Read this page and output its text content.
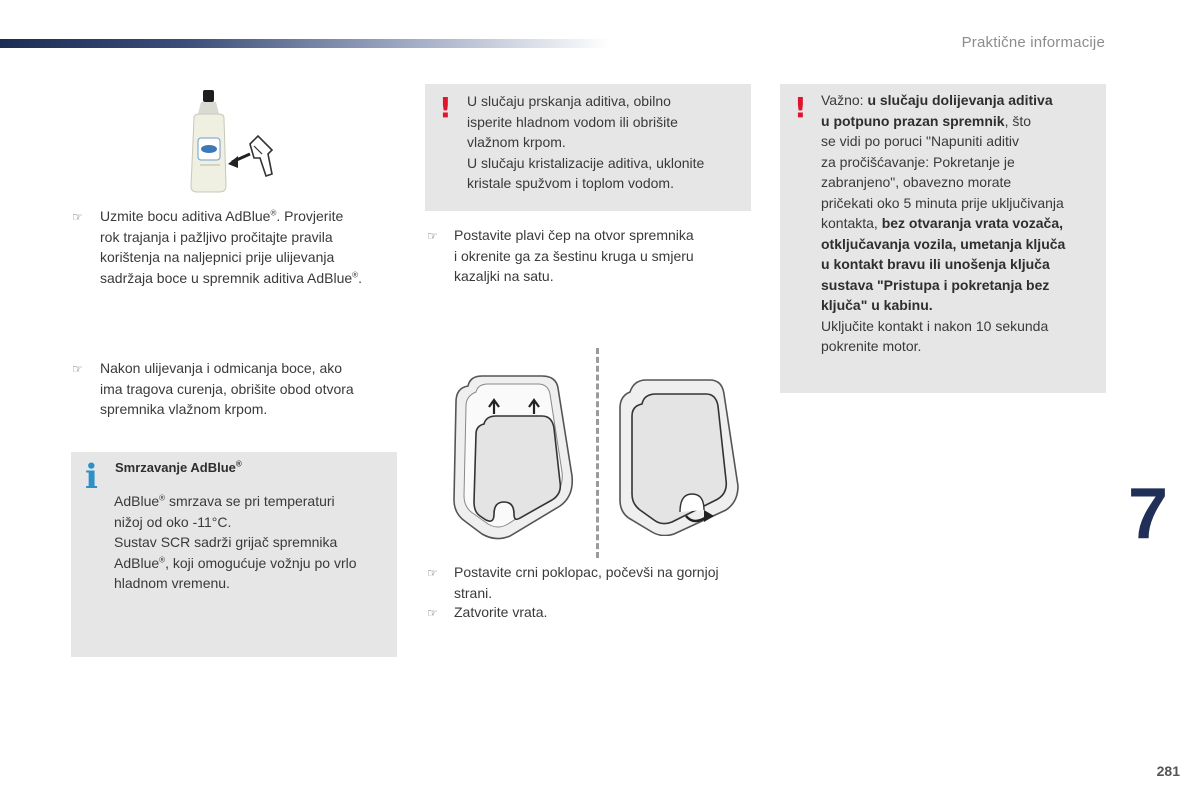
Praktične informacije
☞
Uzmite bocu aditiva AdBlue®. Provjerite
rok trajanja i pažljivo pročitajte pravila
korištenja na naljepnici prije ulijevanja
sadržaja boce u spremnik aditiva AdBlue®.
☞
Nakon ulijevanja i odmicanja boce, ako
ima tragova curenja, obrišite obod otvora
spremnika vlažnom krpom.
i Smrzavanje AdBlue®
AdBlue® smrzava se pri temperaturi
nižoj od oko -11°C.
Sustav SCR sadrži grijač spremnika
AdBlue®, koji omogućuje vožnju po vrlo
hladnom vremenu.
! U slučaju prskanja aditiva, obilno
isperite hladnom vodom ili obrišite
vlažnom krpom.
U slučaju kristalizacije aditiva, uklonite
kristale spužvom i toplom vodom.
☞
Postavite plavi čep na otvor spremnika
i okrenite ga za šestinu kruga u smjeru
kazaljki na satu.
☞
Postavite crni poklopac, počevši na gornjoj
strani.
☞
Zatvorite vrata.
! Važno: u slučaju dolijevanja aditiva
u potpuno prazan spremnik, što
se vidi po poruci "Napuniti aditiv
za pročišćavanje: Pokretanje je
zabranjeno", obavezno morate
pričekati oko 5 minuta prije uključivanja
kontakta, bez otvaranja vrata vozača,
otključavanja vozila, umetanja ključa
u kontakt bravu ili unošenja ključa
sustava "Pristupa i pokretanja bez
ključa" u kabinu.
Uključite kontakt i nakon 10 sekunda
pokrenite motor.
7
281
